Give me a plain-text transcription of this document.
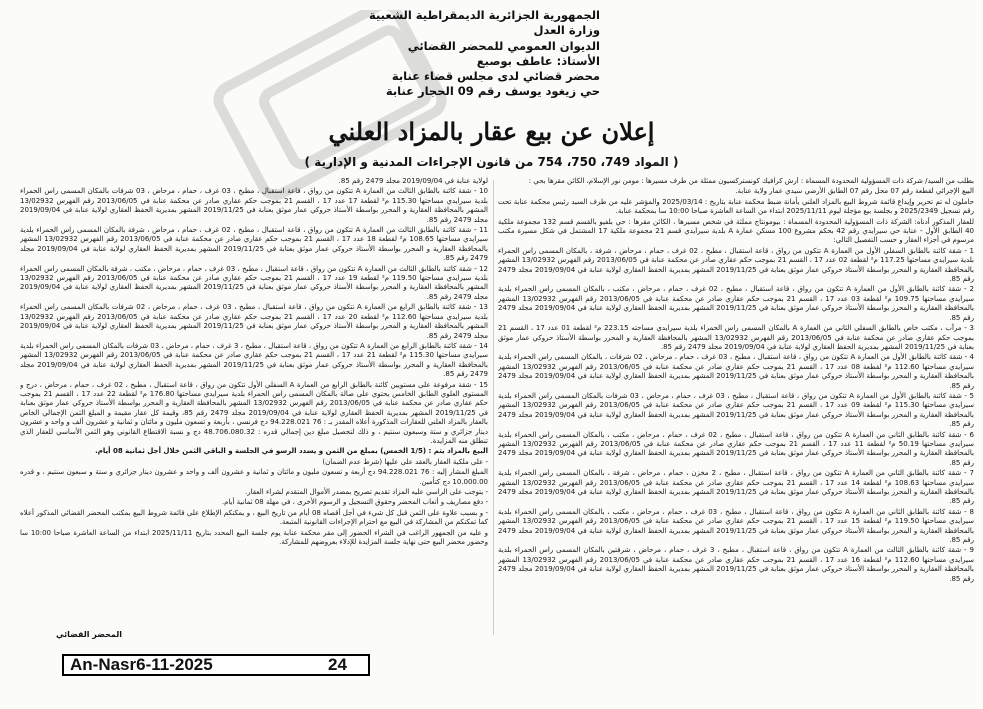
الجمهورية الجزائرية الديمقراطية الشعبية
وزارة العدل
الديوان العمومي للمحضر القضائي
الأستاذ: عاطف بوصبع
محضر قضائي لدى مجلس قضاء عنابة
حي زيغود يوسف رقم 09 الحجار عنابة
إعلان عن بيع عقار بالمزاد العلني
( المواد 749، 750، 754 من قانون الإجراءات المدنية و الإدارية )

بطلب من السيد/ شركة ذات المسؤولية المحدودة المسماة : أرش كرافيك كونستركسيون ممثلة من طرف مسيرها : مومن نور الإسلام، الكائن مقرها بحي :

البيع الإجرائي لقطعة رقم 07 محل رقم 07 الطابق الأرضي سيدي عمار ولاية عنابة.

حاملون له تم تحرير وإيداع قائمة شروط البيع بالمزاد العلني بأمانة ضبط محكمة عنابة بتاريخ : 2025/03/14 والمؤشر عليه من طرف السيد رئيس محكمة عنابة تحت رقم تسجيل 2025/2349 و بجلسة بيع مؤجلة ليوم 2025/11/11 ابتداء من الساعة العاشرة صباحا 10:00 سا بمحكمة عنابة.

للعقار المذكور أدناه: الشركة ذات المسؤولية المحدودة المسماة : بيومونتاج مملثة في شخص مسيرها ، الكائن مقرها : حي بلفيو بالقسم قسم 132 مجموعة ملكية 40 الطابق الأول - عنابة حي سيرايدي رقم 42 بحكم مشروع 100 مسكن عمارة A بلدية سيرايدي قسم 21 مجموعة ملكية 17 المشتمل في شكل مسيرة مكتب مرسوم في أجزاء العقار و حسب التفصيل التالي:

1 - شقة كائنة بالطابق السفلي الأول من العمارة A تتكون من رواق ، قاعة استقبال ، مطبخ ، 02 غرف ، حمام ، مرحاض ، شرفة ، بالمكان المسمى راس الحمراء بلدية سيرايدي مساحتها 117.25 م² لقطعة 02 عدد 17 ، القسم 21 بموجب حكم عقاري صادر عن محكمة عنابة في 2013/06/05 رقم الفهرس 13/02932 المشهر بالمحافظة العقارية و المحرر بواسطة الأستاذ حروكي عمار موثق بعنابة في 2019/11/25 المشهر بمديرية الحفظ العقاري لولاية عنابة في 2019/09/04 مجلد 2479 رقم 85.

2 - شقة كائنة بالطابق الأول من العمارة A تتكون من رواق ، قاعة استقبال ، مطبخ ، 02 غرف ، حمام ، مرحاض ، مكتب ، بالمكان المسمى راس الحمراء بلدية سيرايدي مساحتها 109.75 م² لقطعة 03 عدد 17 ، القسم 21 بموجب حكم عقاري صادر عن محكمة عنابة في 2013/06/05 رقم الفهرس 13/02932 المشهر بالمحافظة العقارية و المحرر بواسطة الأستاذ حروكي عمار موثق بعنابة في 2019/11/25 المشهر بمديرية الحفظ العقاري لولاية عنابة في 2019/09/04 مجلد 2479 رقم 85.

3 - مرآب ، مكتب خاص بالطابق السفلي الثاني من العمارة A بالمكان المسمى راس الحمراء بلدية سيرايدي مساحته 223.15 م² لقطعة 01 عدد 17 ، القسم 21 بموجب حكم عقاري صادر عن محكمة عنابة في 2013/06/05 رقم الفهرس 13/02932 المشهر بالمحافظة العقارية و المحرر بواسطة الأستاذ حروكي عمار موثق بعنابة في 2019/11/25 المشهر بمديرية الحفظ العقاري لولاية عنابة في 2019/09/04 مجلد 2479 رقم 85.

4 - شقة كائنة بالطابق الأول من العمارة A تتكون من رواق ، قاعة استقبال ، مطبخ ، 03 غرف ، حمام ، مرحاض ، 02 شرفات ، بالمكان المسمى راس الحمراء بلدية سيرايدي مساحتها 112.60 م² لقطعة 08 عدد 17 ، القسم 21 بموجب حكم عقاري صادر عن محكمة عنابة في 2013/06/05 رقم الفهرس 13/02932 المشهر بالمحافظة العقارية و المحرر بواسطة الأستاذ حروكي عمار موثق بعنابة في 2019/11/25 المشهر بمديرية الحفظ العقاري لولاية عنابة في 2019/09/04 مجلد 2479 رقم 85.

5 - شقة كائنة بالطابق الأول من العمارة A تتكون من رواق ، قاعة استقبال ، مطبخ ، 03 غرف ، حمام ، مرحاض ، 03 شرفات بالمكان المسمى راس الحمراء بلدية سيرايدي مساحتها 115.30 م² لقطعة 09 عدد 17 ، القسم 21 بموجب حكم عقاري صادر عن محكمة عنابة في 2013/06/05 رقم الفهرس 13/02932 المشهر بالمحافظة العقارية و المحرر بواسطة الأستاذ حروكي عمار موثق بعنابة في 2019/11/25 المشهر بمديرية الحفظ العقاري لولاية عنابة في 2019/09/04 مجلد 2479 رقم 85.

6 - شقة كائنة بالطابق الثاني من العمارة A تتكون من رواق ، قاعة استقبال ، مطبخ ، 02 غرف ، حمام ، مرحاض ، مكتب ، بالمكان المسمى راس الحمراء بلدية سيرايدي مساحتها 50.19 م² لقطعة 11 عدد 17 ، القسم 21 بموجب حكم عقاري صادر عن محكمة عنابة في 2013/06/05 رقم الفهرس 13/02932 المشهر بالمحافظة العقارية و المحرر بواسطة الأستاذ حروكي عمار موثق بعنابة في 2019/11/25 المشهر بمديرية الحفظ العقاري لولاية عنابة في 2019/09/04 مجلد 2479 رقم 85.

7 - شقة كائنة بالطابق الثاني من العمارة A تتكون من رواق ، قاعة استقبال ، مطبخ ، 2 مخزن ، حمام ، مرحاض ، شرفة ، بالمكان المسمى راس الحمراء بلدية سيرايدي مساحتها 108.63 م² لقطعة 14 عدد 17 ، القسم 21 بموجب حكم عقاري صادر عن محكمة عنابة في 2013/06/05 رقم الفهرس 13/02932 المشهر بالمحافظة العقارية و المحرر بواسطة الأستاذ حروكي عمار موثق بعنابة في 2019/11/25 المشهر بمديرية الحفظ العقاري لولاية عنابة في 2019/09/04 مجلد 2479 رقم 85.

8 - شقة كائنة بالطابق الثاني من العمارة A تتكون من رواق ، قاعة استقبال ، مطبخ ، 03 غرف ، حمام ، مرحاض ، مكتب ، بالمكان المسمى راس الحمراء بلدية سيرايدي مساحتها 119.50 م² لقطعة 15 عدد 17 ، القسم 21 بموجب حكم عقاري صادر عن محكمة عنابة في 2013/06/05 رقم الفهرس 13/02932 المشهر بالمحافظة العقارية و المحرر بواسطة الأستاذ حروكي عمار موثق بعنابة في 2019/11/25 المشهر بمديرية الحفظ العقاري لولاية عنابة في 2019/09/04 مجلد 2479 رقم 85.

9 - شقة كائنة بالطابق الثالث من العمارة A تتكون من رواق ، قاعة استقبال ، مطبخ ، 3 غرف ، حمام ، مرحاض ، شرفتين بالمكان المسمى راس الحمراء بلدية سيرايدي مساحتها 112.60 م² لقطعة 16 عدد 17 ، القسم 21 بموجب حكم عقاري صادر عن محكمة عنابة في 2013/06/05 رقم الفهرس 13/02932 المشهر بالمحافظة العقارية و المحرر بواسطة الأستاذ حروكي عمار موثق بعنابة في 2019/11/25 المشهر بمديرية الحفظ العقاري لولاية عنابة في 2019/09/04 مجلد 2479 رقم 85.

لولاية عنابة في 2019/09/04 مجلد 2479 رقم 85.

10 - شقة كائنة بالطابق الثالث من العمارة A تتكون من رواق ، قاعة استقبال ، مطبخ ، 03 غرف ، حمام ، مرحاض ، 03 شرفات بالمكان المسمى راس الحمراء بلدية سيرايدي مساحتها 115.30 م² لقطعة 17 عدد 17 ، القسم 21 بموجب حكم عقاري صادر عن محكمة عنابة في 2013/06/05 رقم الفهرس 13/02932 المشهر بالمحافظة العقارية و المحرر بواسطة الأستاذ حروكي عمار موثق بعنابة في 2019/11/25 المشهر بمديرية الحفظ العقاري لولاية عنابة في 2019/09/04 مجلد 2479 رقم 85.

11 - شقة كائنة بالطابق الثالث من العمارة A تتكون من رواق ، قاعة استقبال ، مطبخ ، 02 غرف ، حمام ، مرحاض ، شرفة بالمكان المسمى راس الحمراء بلدية سيرايدي مساحتها 108.65 م² لقطعة 18 عدد 17 ، القسم 21 بموجب حكم عقاري صادر عن محكمة عنابة في 2013/06/05 رقم الفهرس 13/02932 المشهر بالمحافظة العقارية و المحرر بواسطة الأستاذ حروكي عمار موثق بعنابة في 2019/11/25 المشهر بمديرية الحفظ العقاري لولاية عنابة في 2019/09/04 مجلد 2479 رقم 85.

12 - شقة كائنة بالطابق الثالث من العمارة A تتكون من رواق ، قاعة استقبال ، مطبخ ، 03 غرف ، حمام ، مرحاض ، مكتب ، شرفة بالمكان المسمى راس الحمراء بلدية سيرايدي مساحتها 119.50 م² لقطعة 19 عدد 17 ، القسم 21 بموجب حكم عقاري صادر عن محكمة عنابة في 2013/06/05 رقم الفهرس 13/02932 المشهر بالمحافظة العقارية و المحرر بواسطة الأستاذ حروكي عمار موثق بعنابة في 2019/11/25 المشهر بمديرية الحفظ العقاري لولاية عنابة في 2019/09/04 مجلد 2479 رقم 85.

13 - شقة كائنة بالطابق الرابع من العمارة A تتكون من رواق ، قاعة استقبال ، مطبخ ، 03 غرف ، حمام ، مرحاض ، 02 شرفات بالمكان المسمى راس الحمراء بلدية سيرايدي مساحتها 112.60 م² لقطعة 20 عدد 17 ، القسم 21 بموجب حكم عقاري صادر عن محكمة عنابة في 2013/06/05 رقم الفهرس 13/02932 المشهر بالمحافظة العقارية و المحرر بواسطة الأستاذ حروكي عمار موثق بعنابة في 2019/11/25 المشهر بمديرية الحفظ العقاري لولاية عنابة في 2019/09/04 مجلد 2479 رقم 85.

14 - شقة كائنة بالطابق الرابع من العمارة A تتكون من رواق ، قاعة استقبال ، مطبخ ، 3 غرف ، حمام ، مرحاض ، 03 شرفات بالمكان المسمى راس الحمراء بلدية سيرايدي مساحتها 115.30 م² لقطعة 21 عدد 17 ، القسم 21 بموجب حكم عقاري صادر عن محكمة عنابة في 2013/06/05 رقم الفهرس 13/02932 المشهر بالمحافظة العقارية و المحرر بواسطة الأستاذ حروكي عمار موثق بعنابة في 2019/11/25 المشهر بمديرية الحفظ العقاري لولاية عنابة في 2019/09/04 مجلد 2479 رقم 85.

15 - شقة مرفوعة على مستويين كائنة بالطابق الرابع من العمارة A السفلي الأول تتكون من رواق ، قاعة استقبال ، مطبخ ، 02 غرف ، حمام ، مرحاض ، درج و المستوى العلوي الطابق الخامس يحتوي على صالة بالمكان المسمى راس الحمراء بلدية سيرايدي مساحتها 176.80 م² لقطعة 22 عدد 17 ، القسم 21 بموجب حكم عقاري صادر عن محكمة عنابة في 2013/06/05 رقم الفهرس 13/02932 المشهر بالمحافظة العقارية و المحرر بواسطة الأستاذ حروكي عمار موثق بعنابة في 2019/11/25 المشهر بمديرية الحفظ العقاري لولاية عنابة في 2019/09/04 مجلد 2479 رقم 85، وقيمة كل عقار مقيمة و المبلغ الثمن الإجمالي الخاص بالعقار بالمزاد العلني للعقارات المذكورة أعلاه المقدر بـ : 76 94.228.021 دج فرنسي ، بأربعة و تسعون مليون و مائتان و ثمانية و عشرون ألف و واحد و عشرون دينار جزائري و ستة وسبعون سنتيم ، و ذلك لتحصيل مبلغ دين إجمالي قدره : 48.706.080.32 دج و نسبة الاقتطاع القانوني وهو الثمن الأساسي للعقار الذي تنطلق منه المزايدة.

البيع بالمزاد يتم : (1/5 الخمس) بمبلغ من الثمن و يسدد الرسو في الجلسة و الباقي الثمن خلال أجل ثمانية 08 أيام.

- على ملكية العقار بالعقد على عليها (شرط عدم الضمان)

المبلغ المشار إليه : 76 94.228.021 دج أربعة و تسعون مليون و مائتان و ثمانية و عشرون ألف و واحد و عشرون دينار جزائري و ستة و سبعون سنتيم ، و قدره 10.000.00 دج كتأمين.

- يتوجب على الراسي عليه المزاد تقديم تصريح بمصدر الأموال المتقدم لشراء العقار.

- دفع مصاريف و أتعاب المحضر وحقوق التسجيل و الرسوم الأخرى ، في مهلة 08 ثمانية أيام.

- و بسبب علاوة على الثمن قبل كل شيء في أجل أقصاه 08 أيام من تاريخ البيع ، و يمكنكم الإطلاع على قائمة شروط البيع بمكتب المحضر القضائي المذكور أعلاه كما تمكنكم من المشاركة في البيع مع احترام الإجراءات القانونية المتبعة.

و عليه من الجمهور الراغب في الشراء الحضور إلى مقر محكمة عنابة يوم جلسة البيع المحدد بتاريخ 2025/11/11 ابتداء من الساعة العاشرة صباحا 10:00 سا وحضور محضر البيع حتى نهاية جلسة المزايدة للإدلاء بعروضهم للمشاركة.

المحضر القضائي
An-Nasr6-11-2025	24
